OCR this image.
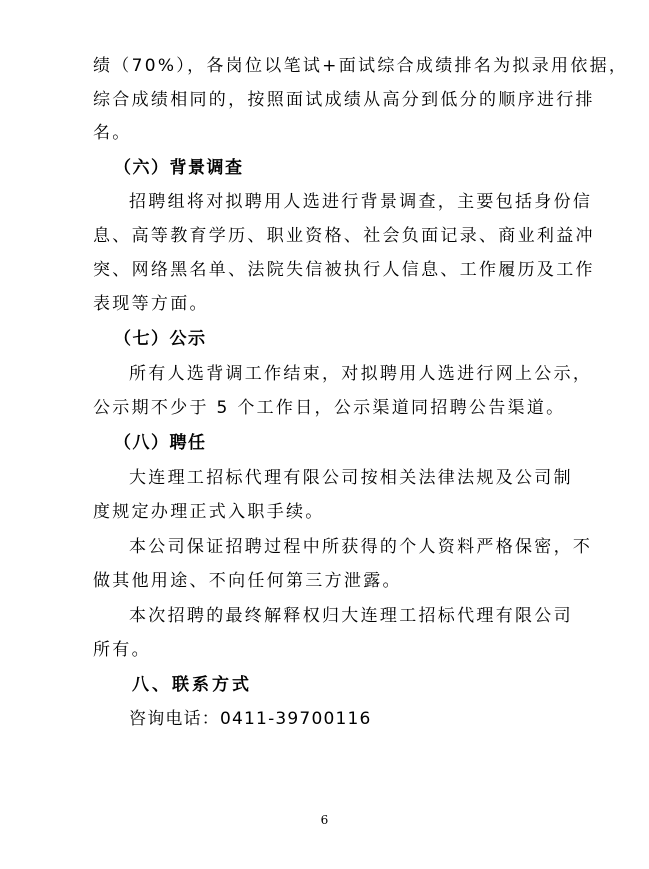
绩（70%），各岗位以笔试+面试综合成绩排名为拟录用依据，
综合成绩相同的，按照面试成绩从高分到低分的顺序进行排
名。
（六）背景调查
招聘组将对拟聘用人选进行背景调查，主要包括身份信
息、高等教育学历、职业资格、社会负面记录、商业利益冲
突、网络黑名单、法院失信被执行人信息、工作履历及工作
表现等方面。
（七）公示
所有人选背调工作结束，对拟聘用人选进行网上公示，
公示期不少于 5 个工作日，公示渠道同招聘公告渠道。
（八）聘任
大连理工招标代理有限公司按相关法律法规及公司制
度规定办理正式入职手续。
本公司保证招聘过程中所获得的个人资料严格保密，不
做其他用途、不向任何第三方泄露。
本次招聘的最终解释权归大连理工招标代理有限公司
所有。
八、联系方式
咨询电话：0411-39700116
6
